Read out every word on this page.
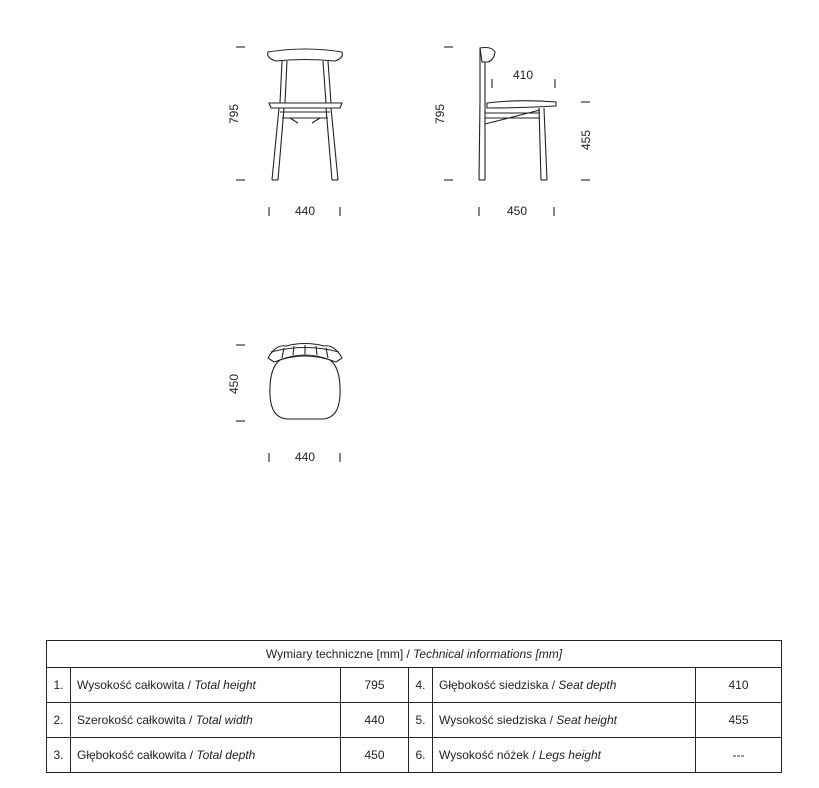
795
440
795
410
455
450
450
440
Wymiary techniczne [mm] / Technical informations [mm]					
1.	Wysokość całkowita / Total height	795	4.	Głębokość siedziska / Seat depth	410
2.	Szerokość całkowita / Total width	440	5.	Wysokość siedziska / Seat height	455
3.	Głębokość całkowita / Total depth	450	6.	Wysokość nóżek / Legs height	---
